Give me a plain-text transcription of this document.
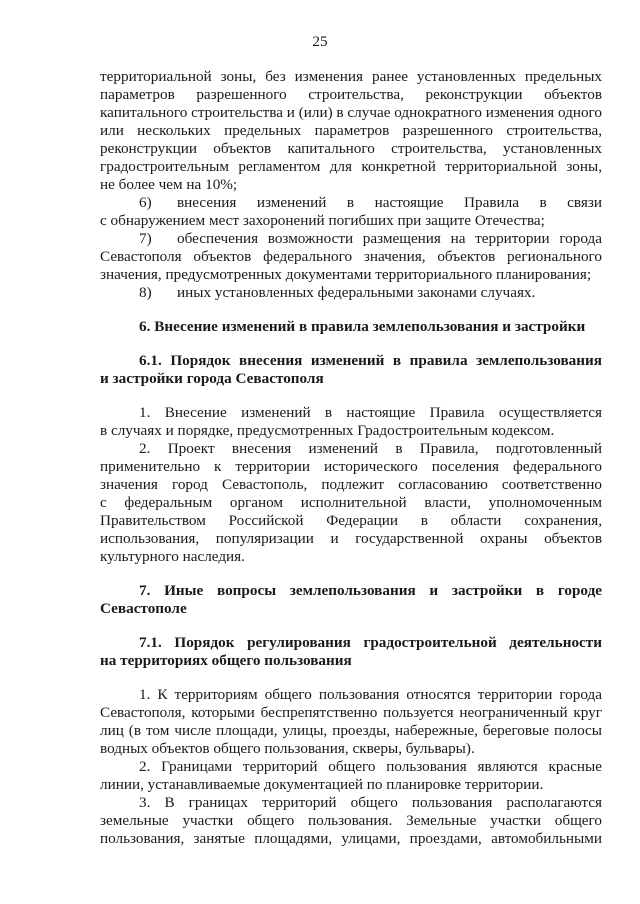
25
территориальной зоны, без изменения ранее установленных предельных
параметров разрешенного строительства, реконструкции объектов
капитального строительства и (или) в случае однократного изменения одного
или нескольких предельных параметров разрешенного строительства,
реконструкции объектов капитального строительства, установленных
градостроительным регламентом для конкретной территориальной зоны,
не более чем на 10%;
6) внесения изменений в настоящие Правила в связи
с обнаружением мест захоронений погибших при защите Отечества;
7) обеспечения возможности размещения на территории города
Севастополя объектов федерального значения, объектов регионального
значения, предусмотренных документами территориального планирования;
8) иных установленных федеральными законами случаях.
6. Внесение изменений в правила землепользования и застройки
6.1. Порядок внесения изменений в правила землепользования
и застройки города Севастополя
1. Внесение изменений в настоящие Правила осуществляется
в случаях и порядке, предусмотренных Градостроительным кодексом.
2. Проект внесения изменений в Правила, подготовленный
применительно к территории исторического поселения федерального
значения город Севастополь, подлежит согласованию соответственно
с федеральным органом исполнительной власти, уполномоченным
Правительством Российской Федерации в области сохранения,
использования, популяризации и государственной охраны объектов
культурного наследия.
7. Иные вопросы землепользования и застройки в городе
Севастополе
7.1. Порядок регулирования градостроительной деятельности
на территориях общего пользования
1. К территориям общего пользования относятся территории города
Севастополя, которыми беспрепятственно пользуется неограниченный круг
лиц (в том числе площади, улицы, проезды, набережные, береговые полосы
водных объектов общего пользования, скверы, бульвары).
2. Границами территорий общего пользования являются красные
линии, устанавливаемые документацией по планировке территории.
3. В границах территорий общего пользования располагаются
земельные участки общего пользования. Земельные участки общего
пользования, занятые площадями, улицами, проездами, автомобильными
